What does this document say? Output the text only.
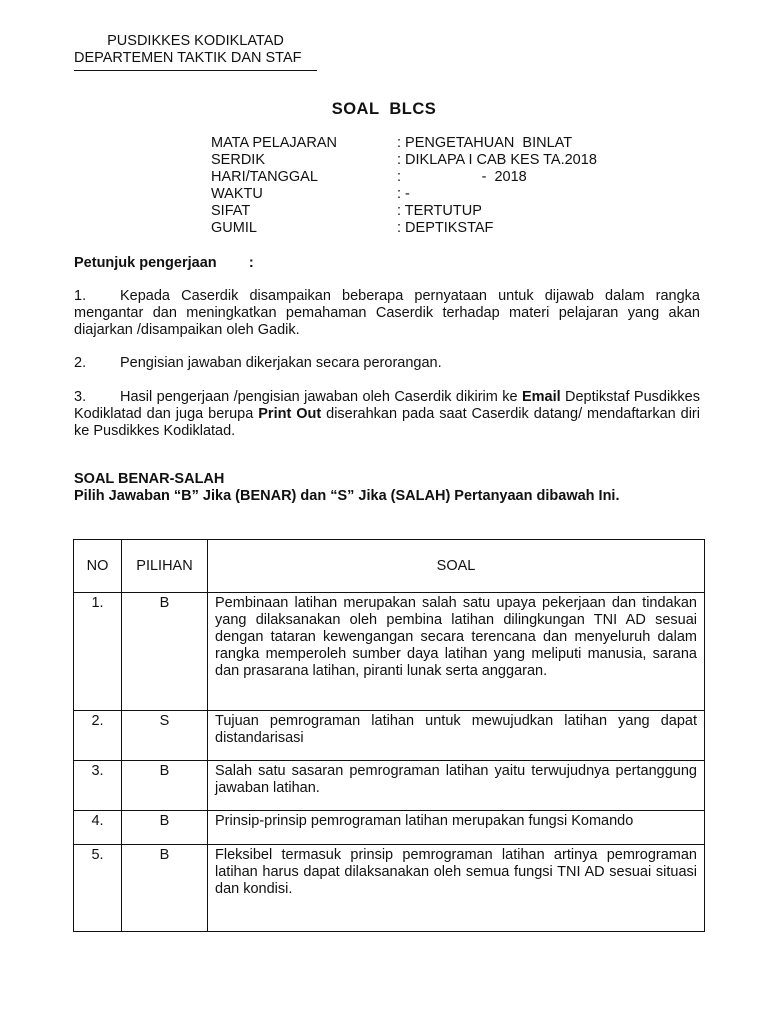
PUSDIKKES KODIKLATAD
DEPARTEMEN TAKTIK DAN STAF
SOAL  BLCS
MATA PELAJARAN	: PENGETAHUAN  BINLAT
SERDIK	: DIKLAPA I CAB KES TA.2018
HARI/TANGGAL	:                    -  2018
WAKTU	: -
SIFAT	: TERTUTUP
GUMIL	: DEPTIKSTAF
Petunjuk pengerjaan        :
1. Kepada Caserdik disampaikan beberapa pernyataan untuk dijawab dalam rangka mengantar dan meningkatkan pemahaman Caserdik terhadap materi pelajaran yang akan diajarkan /disampaikan oleh Gadik.
2. Pengisian jawaban dikerjakan secara perorangan.
3. Hasil pengerjaan /pengisian jawaban oleh Caserdik dikirim ke Email Deptikstaf Pusdikkes Kodiklatad dan juga berupa Print Out diserahkan pada saat Caserdik datang/ mendaftarkan diri ke Pusdikkes Kodiklatad.
SOAL BENAR-SALAH
Pilih Jawaban “B” Jika (BENAR) dan “S” Jika (SALAH) Pertanyaan dibawah Ini.
NO	PILIHAN	SOAL
1.	B	Pembinaan latihan merupakan salah satu upaya pekerjaan dan tindakan yang dilaksanakan oleh pembina latihan dilingkungan TNI AD sesuai dengan tataran kewengangan secara terencana dan menyeluruh dalam rangka memperoleh sumber daya latihan yang meliputi manusia, sarana dan prasarana latihan, piranti lunak serta anggaran.
2.	S	Tujuan pemrograman latihan untuk mewujudkan latihan yang dapat distandarisasi
3.	B	Salah satu sasaran pemrograman latihan yaitu terwujudnya pertanggung jawaban latihan.
4.	B	Prinsip-prinsip pemrograman latihan merupakan fungsi Komando
5.	B	Fleksibel termasuk prinsip pemrograman latihan artinya pemrograman latihan harus dapat dilaksanakan oleh semua fungsi TNI AD sesuai situasi dan kondisi.
